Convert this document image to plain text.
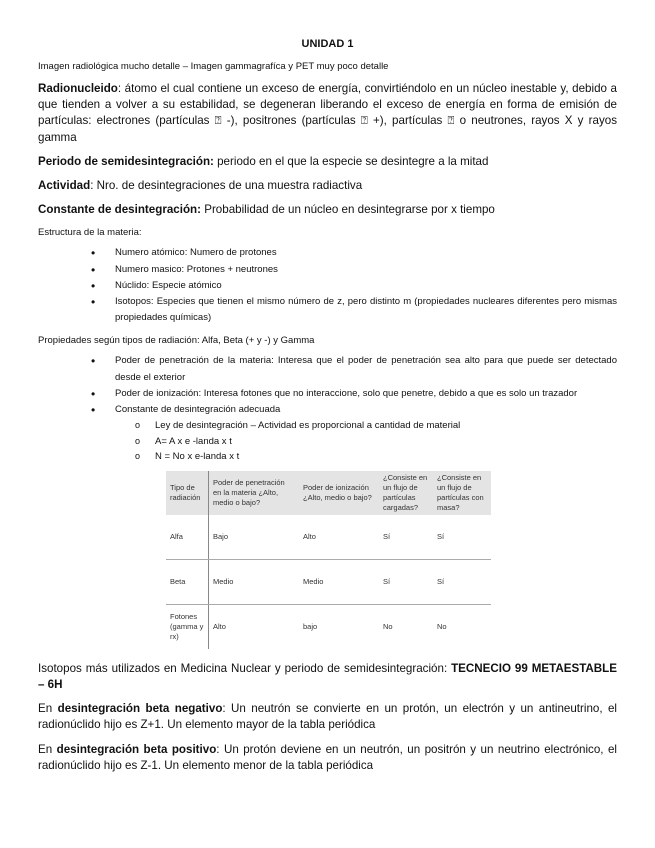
UNIDAD 1
Imagen radiológica mucho detalle – Imagen gammagrafíca y PET muy poco detalle
Radionucleido: átomo el cual contiene un exceso de energía, convirtiéndolo en un núcleo inestable y, debido a que tienden a volver a su estabilidad, se degeneran liberando el exceso de energía en forma de emisión de partículas: electrones (partículas ⍰ -), positrones (partículas ⍰ +), partículas ⍰ o neutrones, rayos X y rayos gamma
Periodo de semidesintegración: periodo en el que la especie se desintegre a la mitad
Actividad: Nro. de desintegraciones de una muestra radiactiva
Constante de desintegración: Probabilidad de un núcleo en desintegrarse por x tiempo
Estructura de la materia:
• Numero atómico: Numero de protones
• Numero masico: Protones + neutrones
• Núclido: Especie atómico
• Isotopos: Especies que tienen el mismo número de z, pero distinto m (propiedades nucleares diferentes pero mismas propiedades químicas)
Propiedades según tipos de radiación: Alfa, Beta (+ y -) y Gamma
• Poder de penetración de la materia: Interesa que el poder de penetración sea alto para que puede ser detectado desde el exterior
• Poder de ionización: Interesa fotones que no interaccione, solo que penetre, debido a que es solo un trazador
• Constante de desintegración adecuada
o Ley de desintegración – Actividad es proporcional a cantidad de material
o A= A x e -landa x t
o N = No x e-landa x t
Tipo de radiación	Poder de penetración en la materia ¿Alto, medio o bajo?	Poder de ionización ¿Alto, medio o bajo?	¿Consiste en un flujo de partículas cargadas?	¿Consiste en un flujo de partículas con masa?
Alfa	Bajo	Alto	Sí	Sí
Beta	Medio	Medio	Sí	Sí
Fotones (gamma y rx)	Alto	bajo	No	No
Isotopos más utilizados en Medicina Nuclear y periodo de semidesintegración: TECNECIO 99 METAESTABLE – 6H
En desintegración beta negativo: Un neutrón se convierte en un protón, un electrón y un antineutrino, el radionúclido hijo es Z+1. Un elemento mayor de la tabla periódica
En desintegración beta positivo: Un protón deviene en un neutrón, un positrón y un neutrino electrónico, el radionúclido hijo es Z-1. Un elemento menor de la tabla periódica
